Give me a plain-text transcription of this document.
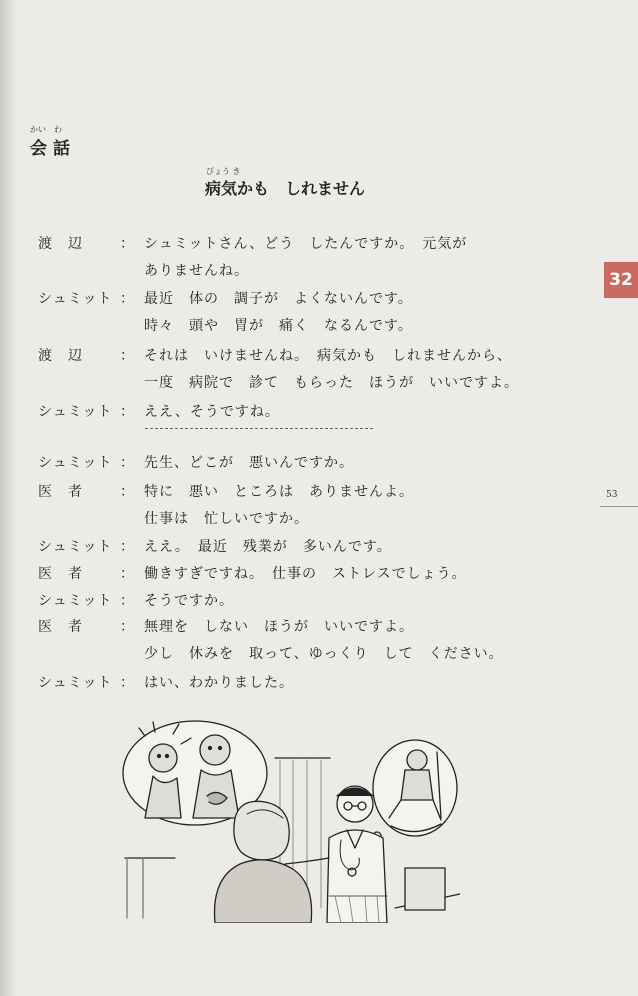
32
53
かい　わ
会話
びょう き
病気かも　しれません
渡　辺	： シュミットさん、どう　したんですか。　元気が
ありませんね。
シュミット ： 最近　体の　調子が　よくないんです。
時々　頭や　胃が　痛く　なるんです。
渡　辺	： それは　いけませんね。　病気かも　しれませんから、
一度　病院で　診て　もらった　ほうが　いいですよ。
シュミット ： ええ、そうですね。
シュミット ： 先生、どこが　悪いんですか。
医　者	： 特に　悪い　ところは　ありませんよ。
仕事は　忙しいですか。
シュミット ： ええ。　最近　残業が　多いんです。
医　者	： 働きすぎですね。　仕事の　ストレスでしょう。
シュミット ： そうですか。
医　者	： 無理を　しない　ほうが　いいですよ。
少し　休みを　取って、ゆっくり　して　ください。
シュミット ： はい、わかりました。
